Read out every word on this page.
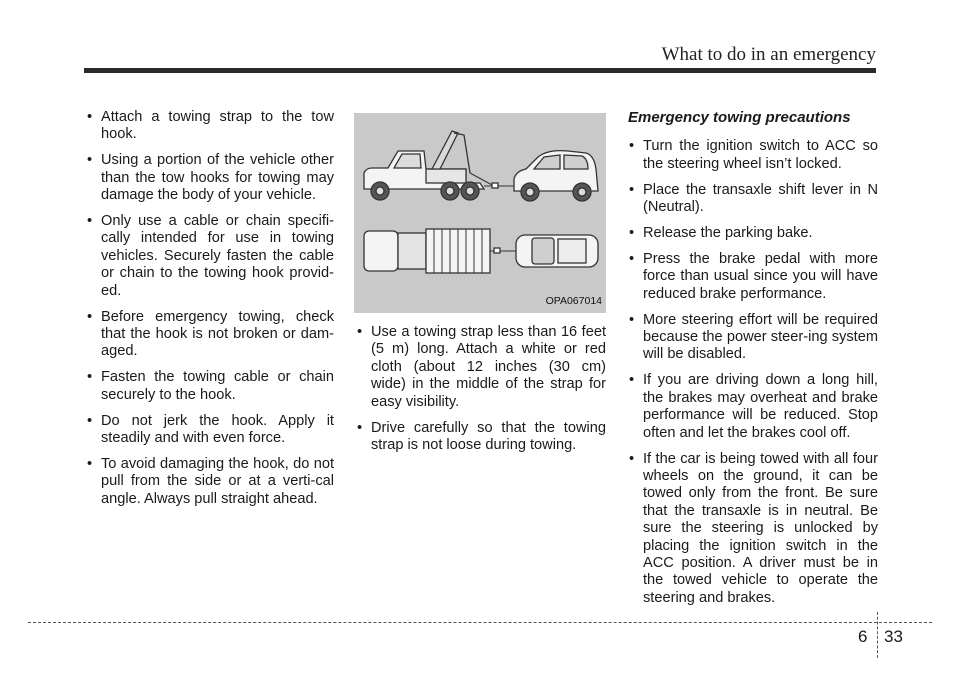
What to do in an emergency
• Attach a towing strap to the tow hook.
• Using a portion of the vehicle other than the tow hooks for towing may damage the body of your vehicle.
• Only use a cable or chain specifi-cally intended for use in towing vehicles. Securely fasten the cable or chain to the towing hook provid-ed.
• Before emergency towing, check that the hook is not broken or dam-aged.
• Fasten the towing cable or chain securely to the hook.
• Do not jerk the hook. Apply it steadily and with even force.
• To avoid damaging the hook, do not pull from the side or at a verti-cal angle. Always pull straight ahead.
OPA067014
• Use a towing strap less than 16 feet (5 m) long. Attach a white or red cloth (about 12 inches (30 cm) wide) in the middle of the strap for easy visibility.
• Drive carefully so that the towing strap is not loose during towing.
Emergency towing precautions
• Turn the ignition switch to ACC so the steering wheel isn’t locked.
• Place the transaxle shift lever in N (Neutral).
• Release the parking bake.
• Press the brake pedal with more force than usual since you will have reduced brake performance.
• More steering effort will be required because the power steer-ing system will be disabled.
• If you are driving down a long hill, the brakes may overheat and brake performance will be reduced. Stop often and let the brakes cool off.
• If the car is being towed with all four wheels on the ground, it can be towed only from the front. Be sure that the transaxle is in neutral. Be sure the steering is unlocked by placing the ignition switch in the ACC position. A driver must be in the towed vehicle to operate the steering and brakes.
6 33
